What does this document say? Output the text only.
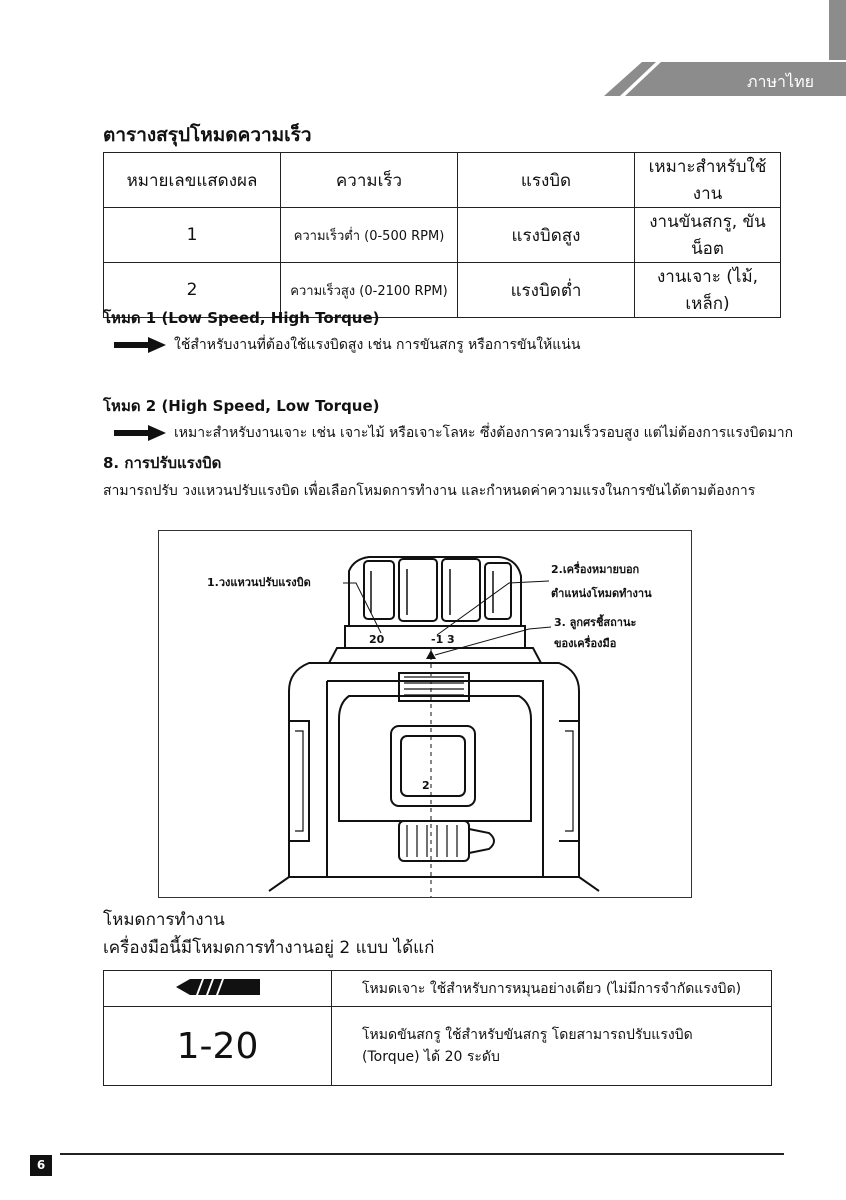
ภาษาไทย
ตารางสรุปโหมดความเร็ว
หมายเลขแสดงผล	ความเร็ว	แรงบิด	เหมาะสำหรับใช้งาน
1	ความเร็วต่ำ (0-500 RPM)	แรงบิดสูง	งานขันสกรู, ขันน็อต
2	ความเร็วสูง (0-2100 RPM)	แรงบิดต่ำ	งานเจาะ (ไม้, เหล็ก)
โหมด 1 (Low Speed, High Torque)
ใช้สำหรับงานที่ต้องใช้แรงบิดสูง เช่น การขันสกรู หรือการขันให้แน่น
โหมด 2 (High Speed, Low Torque)
เหมาะสำหรับงานเจาะ เช่น เจาะไม้ หรือเจาะโลหะ ซึ่งต้องการความเร็วรอบสูง แต่ไม่ต้องการแรงบิดมาก
8. การปรับแรงบิด
สามารถปรับ วงแหวนปรับแรงบิด เพื่อเลือกโหมดการทำงาน และกำหนดค่าความแรงในการขันได้ตามต้องการ
20	-1 3
2
1.วงแหวนปรับแรงบิด
2.เครื่องหมายบอก
ตำแหน่งโหมดทำงาน
3. ลูกศรชี้สถานะ
ของเครื่องมือ
โหมดการทำงาน
เครื่องมือนี้มีโหมดการทำงานอยู่ 2 แบบ ได้แก่
	โหมดเจาะ ใช้สำหรับการหมุนอย่างเดียว (ไม่มีการจำกัดแรงบิด)
1-20	โหมดขันสกรู ใช้สำหรับขันสกรู โดยสามารถปรับแรงบิด (Torque) ได้ 20 ระดับ
6
